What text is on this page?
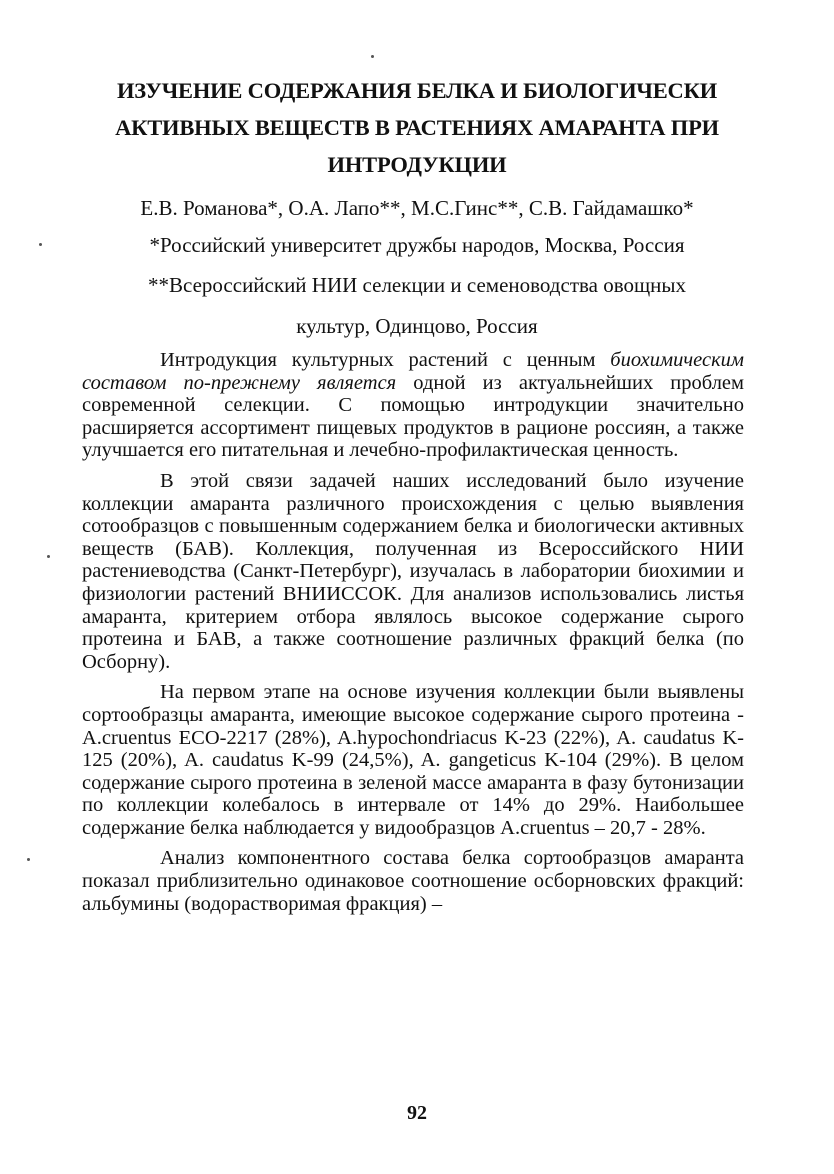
ИЗУЧЕНИЕ СОДЕРЖАНИЯ БЕЛКА И БИОЛОГИЧЕСКИ
АКТИВНЫХ ВЕЩЕСТВ В РАСТЕНИЯХ АМАРАНТА ПРИ
ИНТРОДУКЦИИ
Е.В. Романова*, О.А. Лапо**, М.С.Гинс**, С.В. Гайдамашко*
*Российский университет дружбы народов, Москва, Россия
**Всероссийский НИИ селекции и семеноводства овощных
культур, Одинцово, Россия

Интродукция культурных растений с ценным биохимическим составом по-прежнему является одной из актуальнейших проблем современной селекции. С помощью интродукции значительно расширяется ассортимент пищевых продуктов в рационе россиян, а также улучшается его питательная и лечебно-профилактическая ценность.

В этой связи задачей наших исследований было изучение коллекции амаранта различного происхождения с целью выявления сотообразцов с повышенным содержанием белка и биологически активных веществ (БАВ). Коллекция, полученная из Всероссийского НИИ растениеводства (Санкт-Петербург), изучалась в лаборатории биохимии и физиологии растений ВНИИССОК. Для анализов использовались листья амаранта, критерием отбора являлось высокое содержание сырого протеина и БАВ, а также соотношение различных фракций белка (по Осборну).

На первом этапе на основе изучения коллекции были выявлены сортообразцы амаранта, имеющие высокое содержание сырого протеина - A.cruentus ECO-2217 (28%), A.hypochondriacus K-23 (22%), A. caudatus K-125 (20%), A. caudatus K-99 (24,5%), A. gangeticus K-104 (29%). В целом содержание сырого протеина в зеленой массе амаранта в фазу бутонизации по коллекции колебалось в интервале от 14% до 29%. Наибольшее содержание белка наблюдается у видообразцов A.cruentus – 20,7 - 28%.

Анализ компонентного состава белка сортообразцов амаранта показал приблизительно одинаковое соотношение осборновских фракций: альбумины (водорастворимая фракция) –

92
